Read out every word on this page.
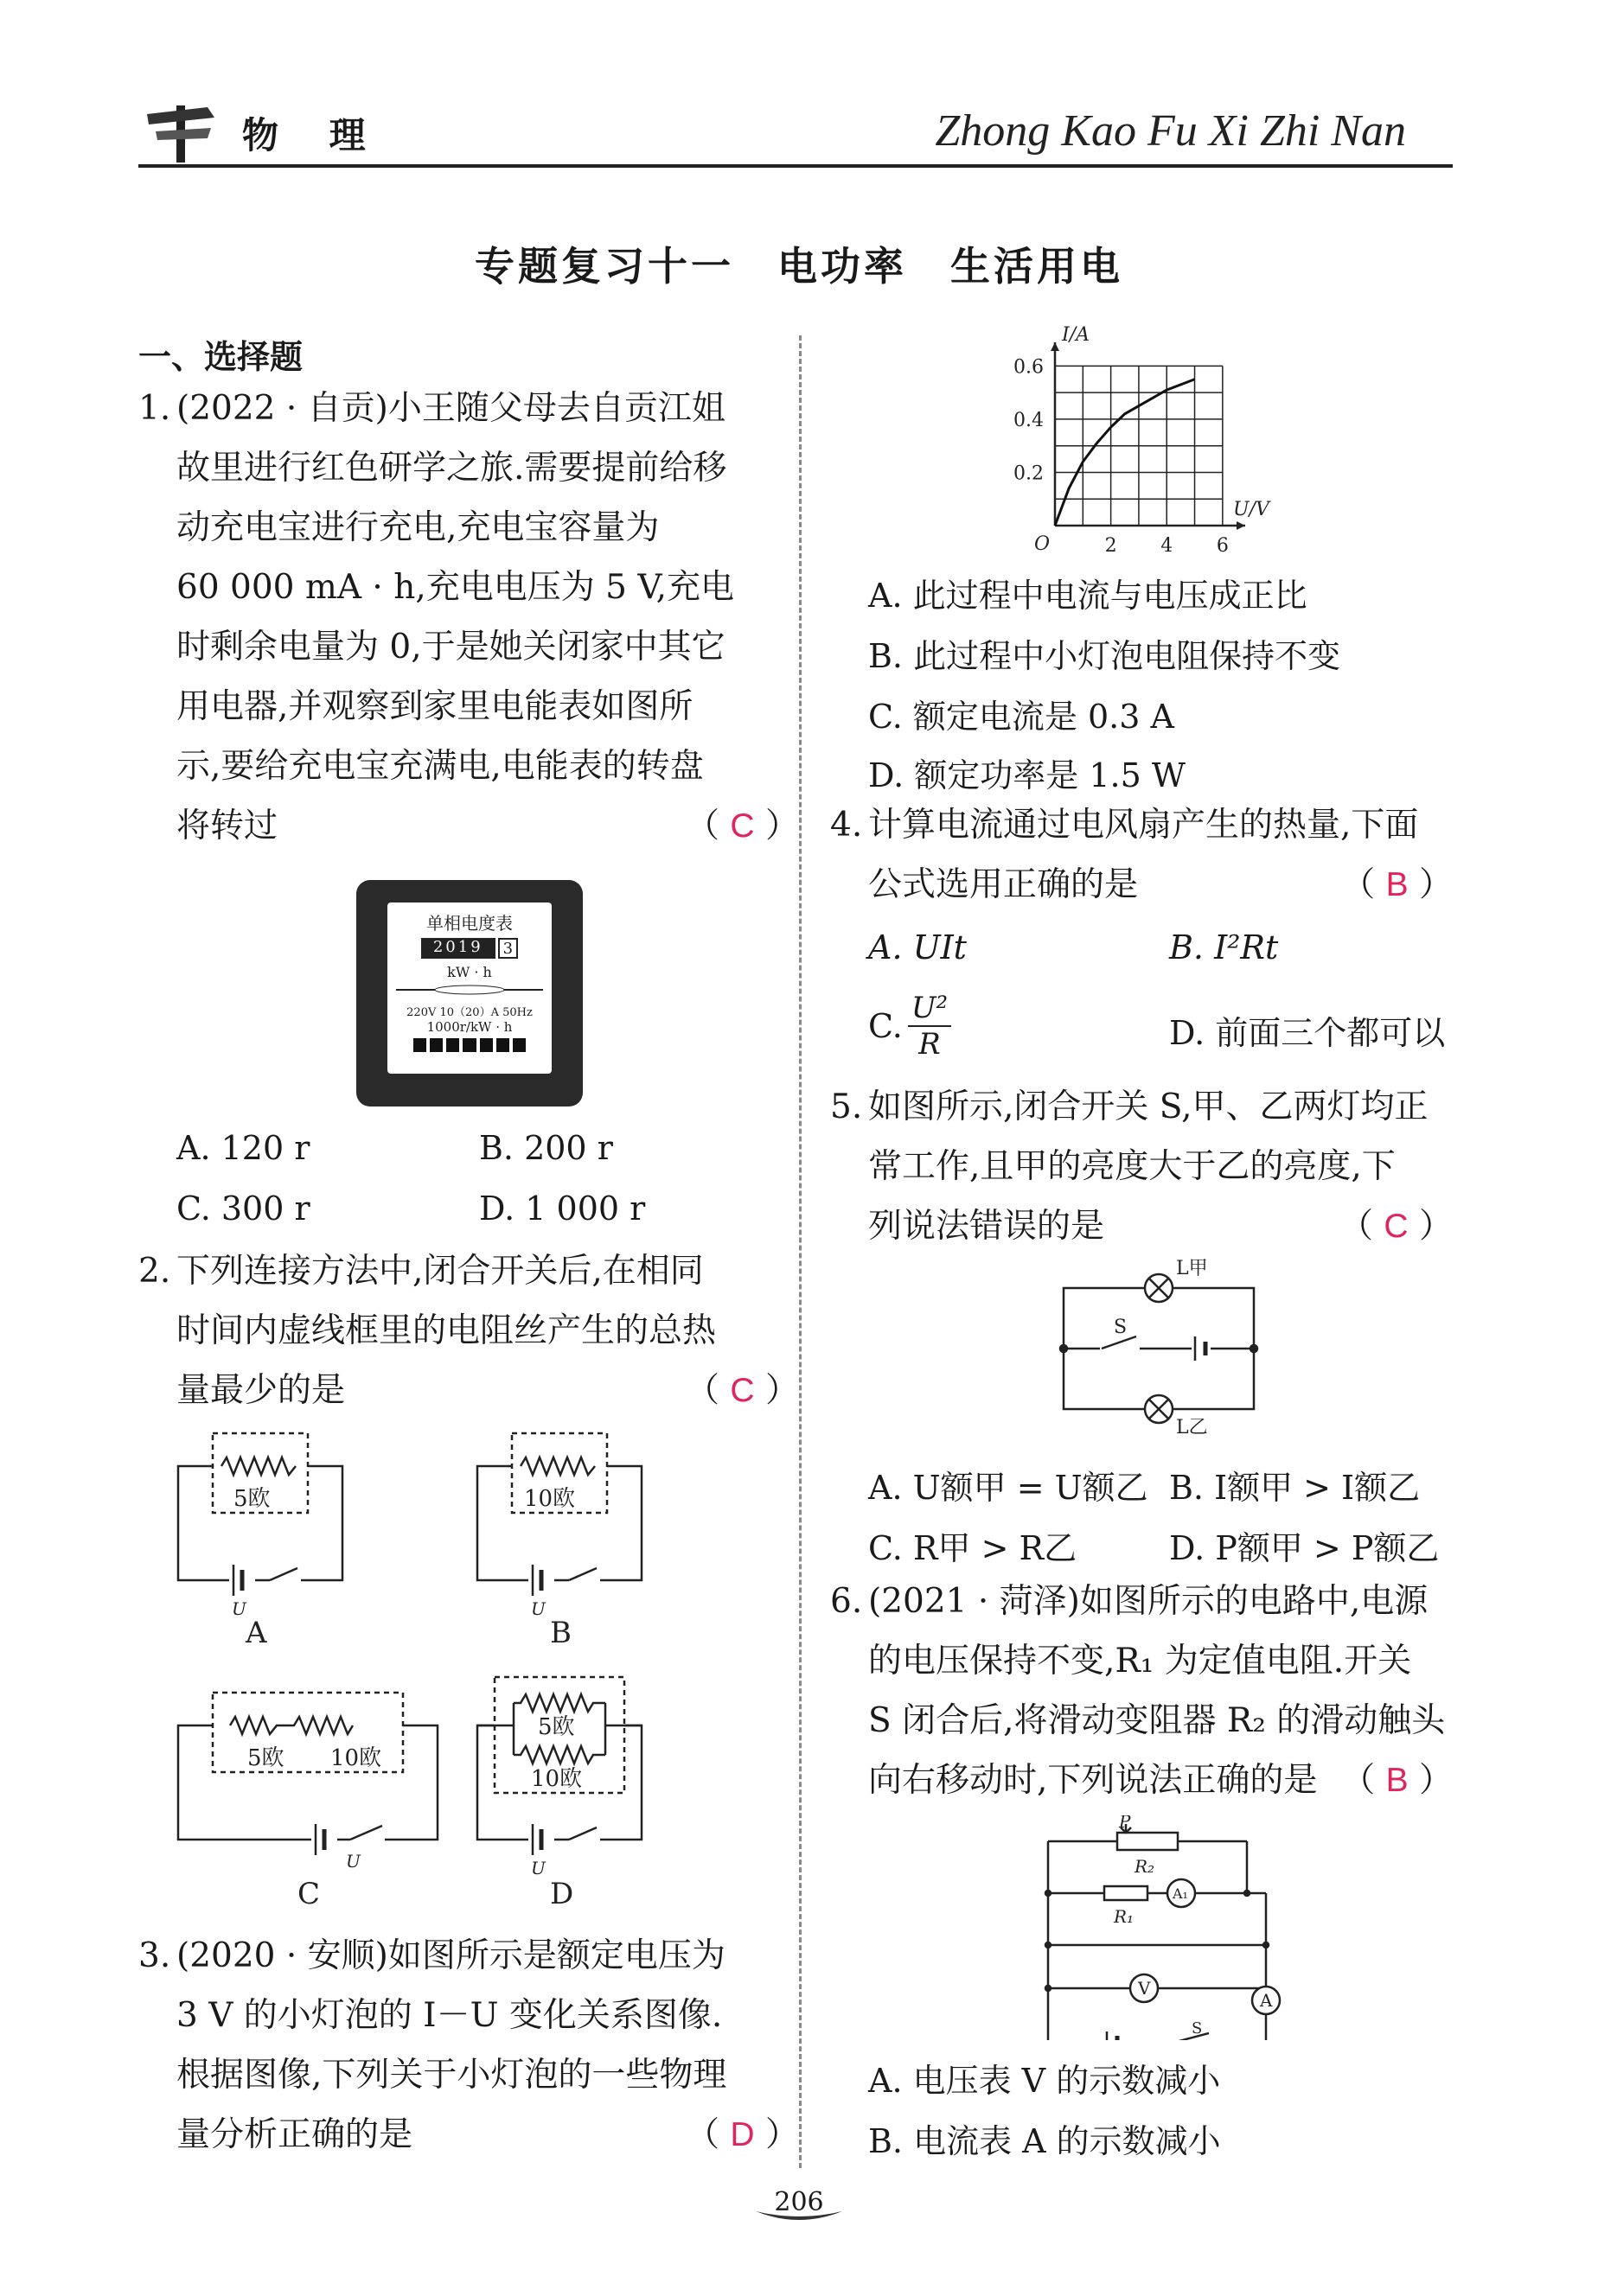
物 理	Zhong Kao Fu Xi Zhi Nan
专题复习十一　电功率　生活用电
一、选择题
1. (2022 · 自贡)小王随父母去自贡江姐
故里进行红色研学之旅.需要提前给移
动充电宝进行充电,充电宝容量为
60 000 mA · h,充电电压为 5 V,充电
时剩余电量为 0,于是她关闭家中其它
用电器,并观察到家里电能表如图所
示,要给充电宝充满电,电能表的转盘
将转过	（ C ）
单相电度表
2019	3
kW · h
220V 10（20）A 50Hz
1000r/kW · h
A. 120 r	B. 200 r
C. 300 r	D. 1 000 r
2. 下列连接方法中,闭合开关后,在相同
时间内虚线框里的电阻丝产生的总热
量最少的是	（ C ）
5欧
U
A
10欧
U
B
5欧 10欧
U
C
5欧
10欧
U
D
3. (2020 · 安顺)如图所示是额定电压为
3 V 的小灯泡的 I－U 变化关系图像.
根据图像,下列关于小灯泡的一些物理
量分析正确的是	（ D ）
2 4 6
0.2
0.4
0.6
O
U/V
I/A
A. 此过程中电流与电压成正比
B. 此过程中小灯泡电阻保持不变
C. 额定电流是 0.3 A
D. 额定功率是 1.5 W
4. 计算电流通过电风扇产生的热量,下面
公式选用正确的是	（ B ）
A. UIt	B. I²Rt
C. $\frac{\text{U²}}{R}$	D. 前面三个都可以
5. 如图所示,闭合开关 S,甲、乙两灯均正
常工作,且甲的亮度大于乙的亮度,下
列说法错误的是	（ C ）
L甲
L乙
S
A. U额甲 = U额乙 B. I额甲 > I额乙
C. R甲 > R乙	D. P额甲 > P额乙
6. (2021 · 菏泽)如图所示的电路中,电源
的电压保持不变,R₁ 为定值电阻.开关
S 闭合后,将滑动变阻器 R₂ 的滑动触头
向右移动时,下列说法正确的是 （ B ）
P
R₂
R₁
A₁
V
A
S
A. 电压表 V 的示数减小
B. 电流表 A 的示数减小
206
